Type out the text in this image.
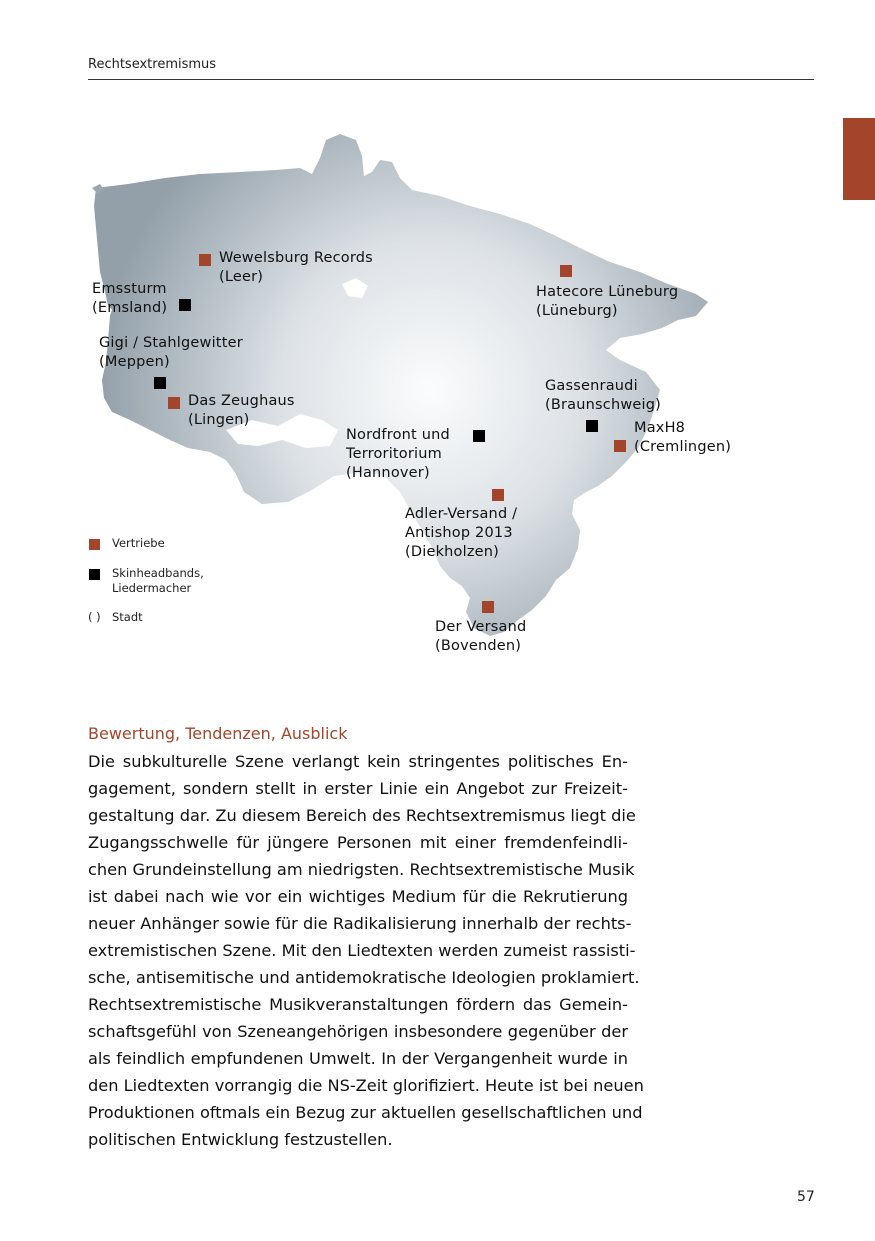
Rechtsextremismus
Wewelsburg Records
(Leer)
Emssturm
(Emsland)
Gigi / Stahlgewitter
(Meppen)
Das Zeughaus
(Lingen)
Hatecore Lüneburg
(Lüneburg)
Gassenraudi
(Braunschweig)
MaxH8
(Cremlingen)
Nordfront und
Terroritorium
(Hannover)
Adler-Versand /
Antishop 2013
(Diekholzen)
Der Versand
(Bovenden)
Vertriebe
Skinheadbands,
Liedermacher
( ) Stadt
Bewertung, Tendenzen, Ausblick
Die subkulturelle Szene verlangt kein stringentes politisches En-
gagement, sondern stellt in erster Linie ein Angebot zur Freizeit-
gestaltung dar. Zu diesem Bereich des Rechtsextremismus liegt die
Zugangsschwelle für jüngere Personen mit einer fremdenfeindli-
chen Grundeinstellung am niedrigsten. Rechtsextremistische Musik
ist dabei nach wie vor ein wichtiges Medium für die Rekrutierung
neuer Anhänger sowie für die Radikalisierung innerhalb der rechts-
extremistischen Szene. Mit den Liedtexten werden zumeist rassisti-
sche, antisemitische und antidemokratische Ideologien proklamiert.
Rechtsextremistische Musikveranstaltungen fördern das Gemein-
schaftsgefühl von Szeneangehörigen insbesondere gegenüber der
als feindlich empfundenen Umwelt. In der Vergangenheit wurde in
den Liedtexten vorrangig die NS-Zeit glorifiziert. Heute ist bei neuen
Produktionen oftmals ein Bezug zur aktuellen gesellschaftlichen und
politischen Entwicklung festzustellen.
57
